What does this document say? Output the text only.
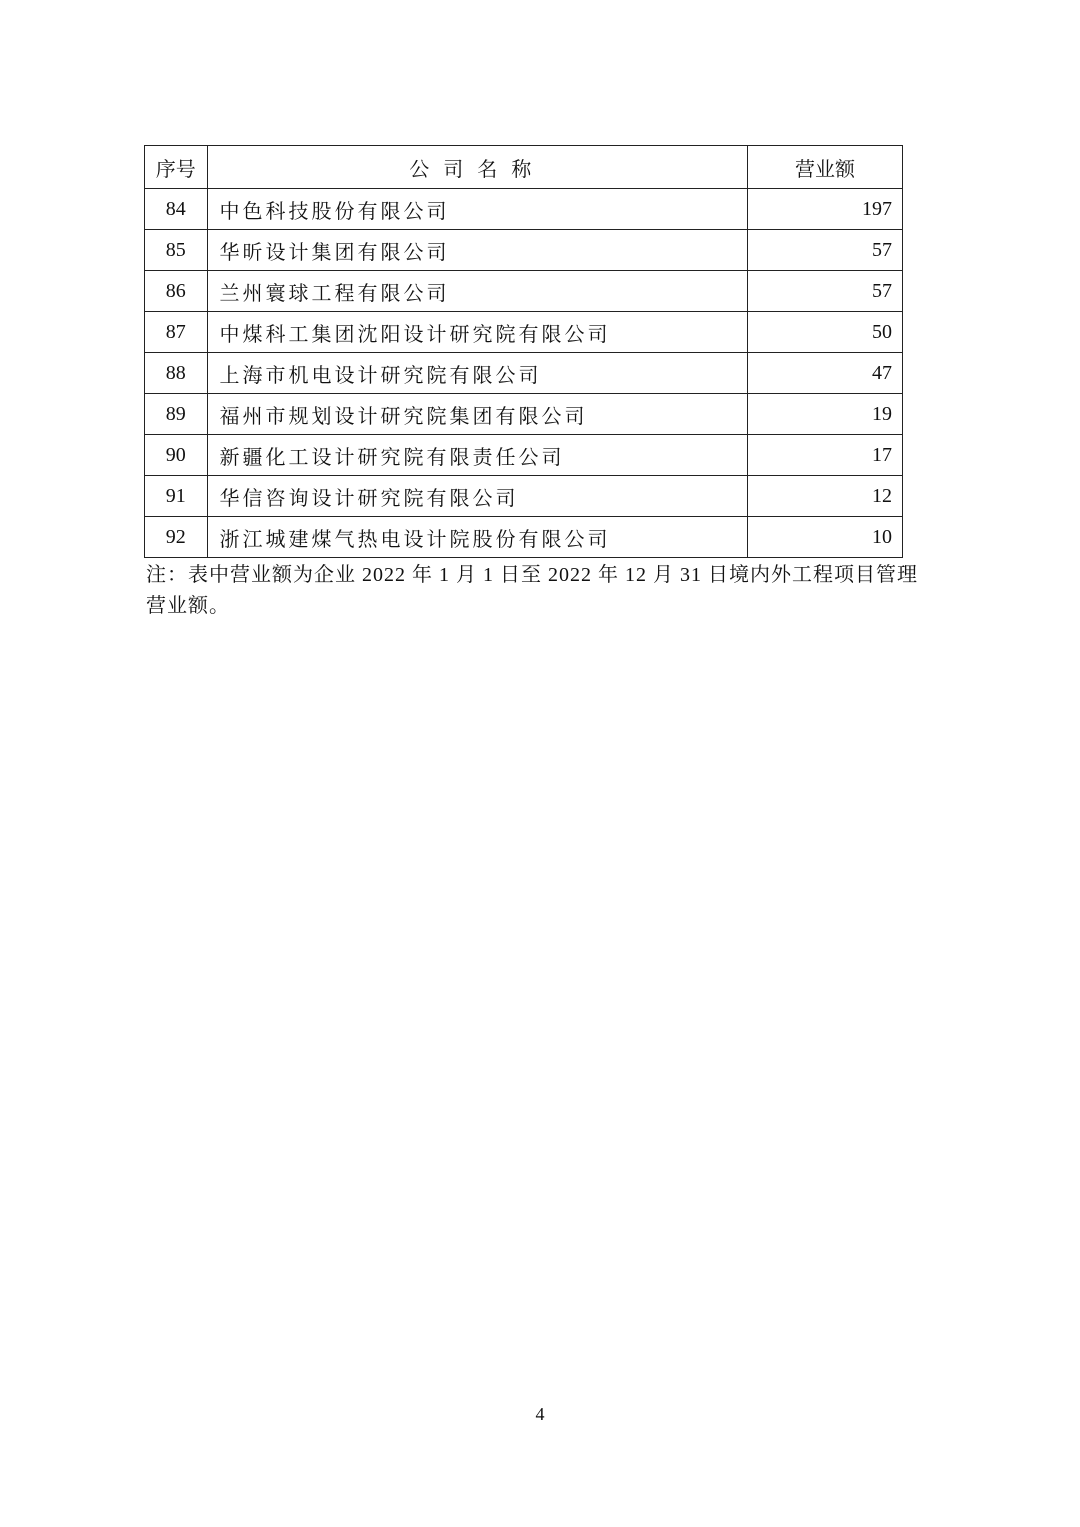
序号	公司名称	营业额
84	中色科技股份有限公司	197
85	华昕设计集团有限公司	57
86	兰州寰球工程有限公司	57
87	中煤科工集团沈阳设计研究院有限公司	50
88	上海市机电设计研究院有限公司	47
89	福州市规划设计研究院集团有限公司	19
90	新疆化工设计研究院有限责任公司	17
91	华信咨询设计研究院有限公司	12
92	浙江城建煤气热电设计院股份有限公司	10
注：表中营业额为企业 2022 年 1 月 1 日至 2022 年 12 月 31 日境内外工程项目管理营业额。
4
